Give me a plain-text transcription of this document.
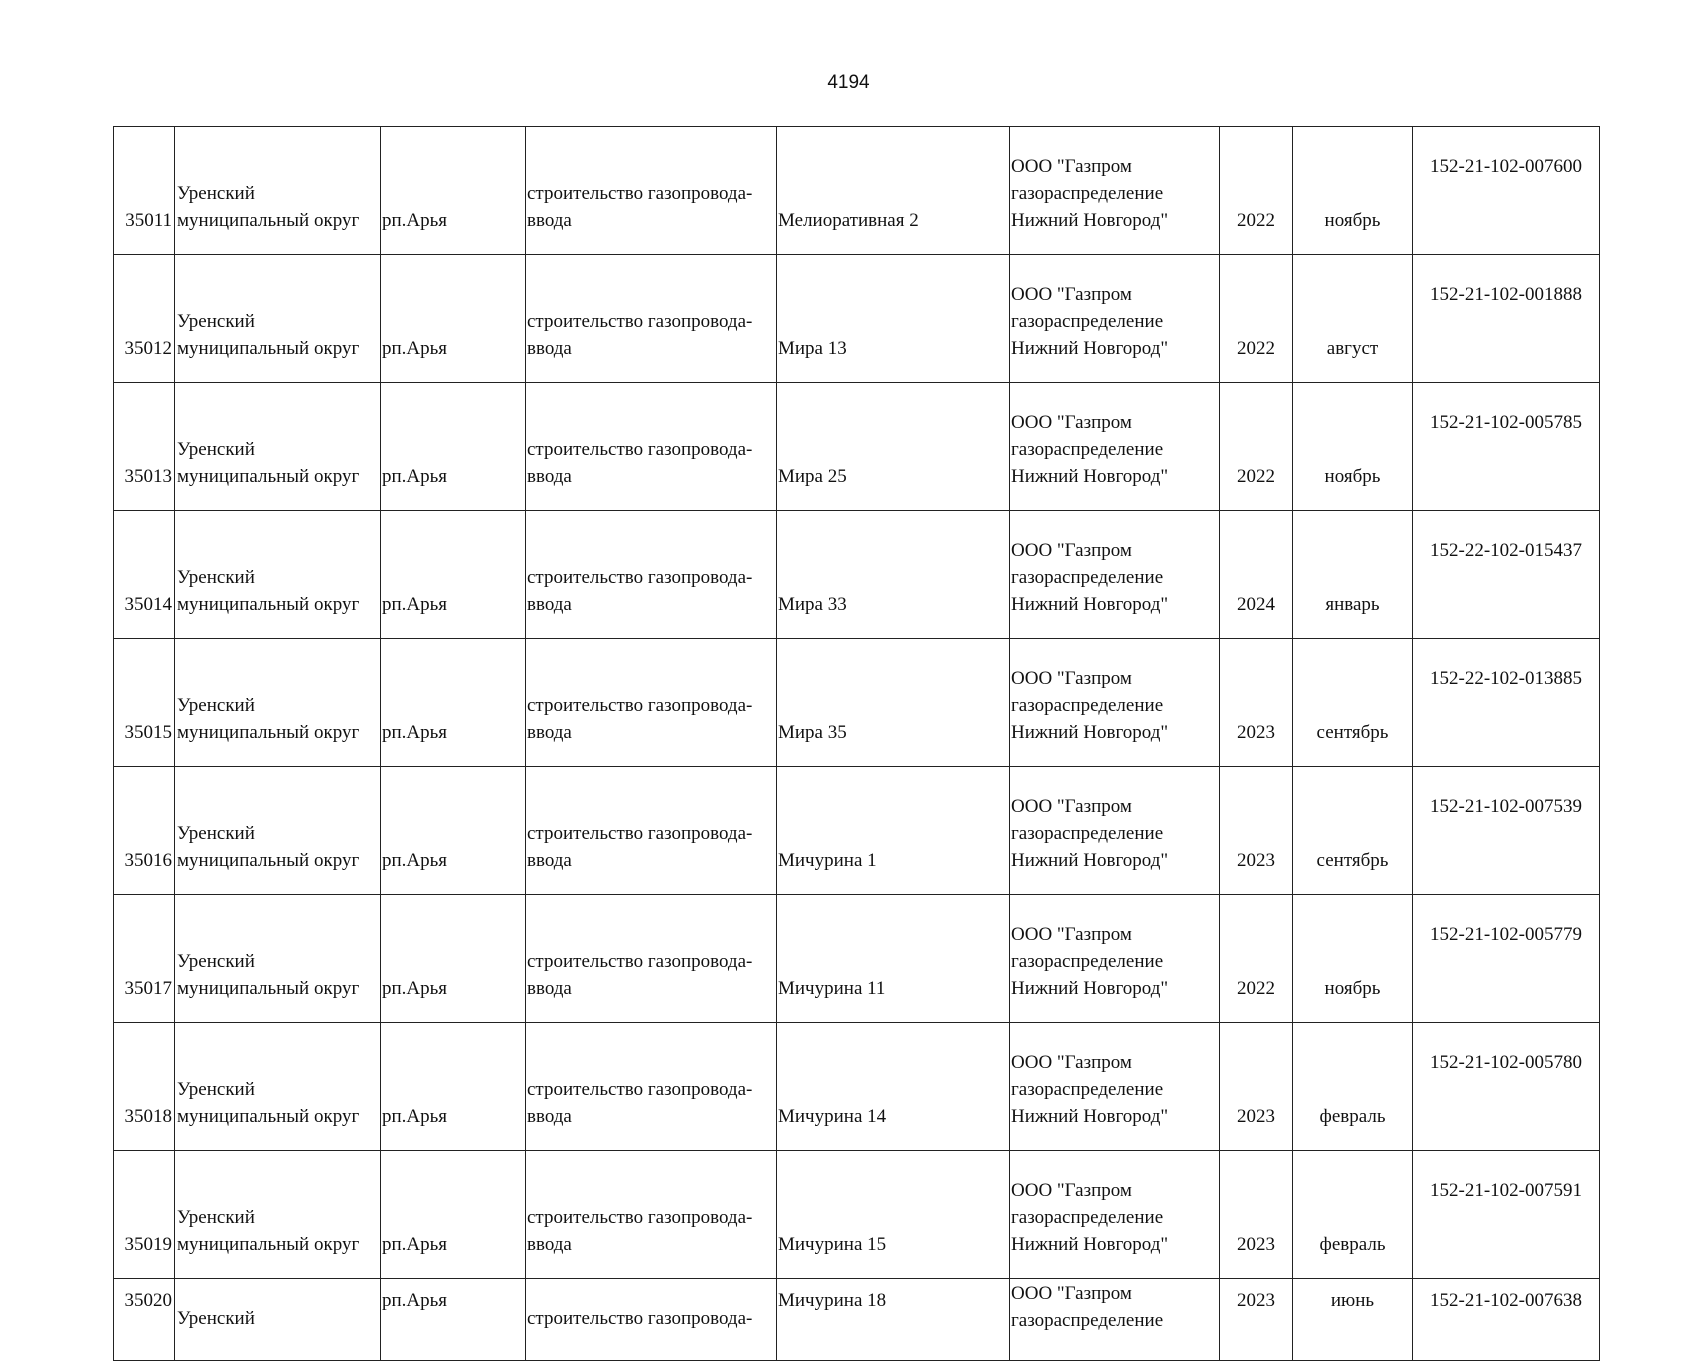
4194
35011	Уренский
муниципальный округ	рп.Арья	строительство газопровода-
ввода	Мелиоративная 2	ООО "Газпром
газораспределение
Нижний Новгород"	2022	ноябрь	152-21-102-007600

35012	Уренский
муниципальный округ	рп.Арья	строительство газопровода-
ввода	Мира 13	ООО "Газпром
газораспределение
Нижний Новгород"	2022	август	152-21-102-001888

35013	Уренский
муниципальный округ	рп.Арья	строительство газопровода-
ввода	Мира 25	ООО "Газпром
газораспределение
Нижний Новгород"	2022	ноябрь	152-21-102-005785

35014	Уренский
муниципальный округ	рп.Арья	строительство газопровода-
ввода	Мира 33	ООО "Газпром
газораспределение
Нижний Новгород"	2024	январь	152-22-102-015437

35015	Уренский
муниципальный округ	рп.Арья	строительство газопровода-
ввода	Мира 35	ООО "Газпром
газораспределение
Нижний Новгород"	2023	сентябрь	152-22-102-013885

35016	Уренский
муниципальный округ	рп.Арья	строительство газопровода-
ввода	Мичурина 1	ООО "Газпром
газораспределение
Нижний Новгород"	2023	сентябрь	152-21-102-007539

35017	Уренский
муниципальный округ	рп.Арья	строительство газопровода-
ввода	Мичурина 11	ООО "Газпром
газораспределение
Нижний Новгород"	2022	ноябрь	152-21-102-005779

35018	Уренский
муниципальный округ	рп.Арья	строительство газопровода-
ввода	Мичурина 14	ООО "Газпром
газораспределение
Нижний Новгород"	2023	февраль	152-21-102-005780

35019	Уренский
муниципальный округ	рп.Арья	строительство газопровода-
ввода	Мичурина 15	ООО "Газпром
газораспределение
Нижний Новгород"	2023	февраль	152-21-102-007591

35020	Уренский	рп.Арья	строительство газопровода-	Мичурина 18	ООО "Газпром
газораспределение	2023	июнь	152-21-102-007638
